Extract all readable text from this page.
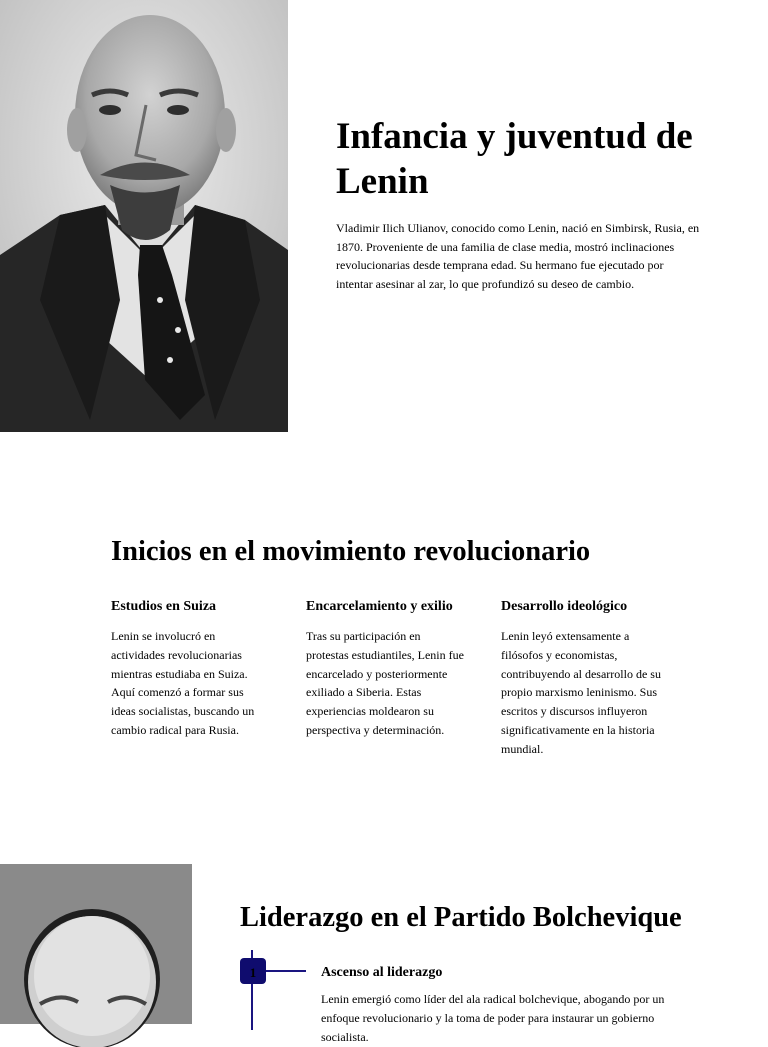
Infancia y juventud de Lenin

Vladimir Ilich Ulianov, conocido como Lenin, nació en Simbirsk, Rusia, en 1870. Proveniente de una familia de clase media, mostró inclinaciones revolucionarias desde temprana edad. Su hermano fue ejecutado por intentar asesinar al zar, lo que profundizó su deseo de cambio.

Inicios en el movimiento revolucionario
Estudios en Suiza

Lenin se involucró en actividades revolucionarias mientras estudiaba en Suiza. Aquí comenzó a formar sus ideas socialistas, buscando un cambio radical para Rusia.

Encarcelamiento y exilio

Tras su participación en protestas estudiantiles, Lenin fue encarcelado y posteriormente exiliado a Siberia. Estas experiencias moldearon su perspectiva y determinación.

Desarrollo ideológico

Lenin leyó extensamente a filósofos y economistas, contribuyendo al desarrollo de su propio marxismo leninismo. Sus escritos y discursos influyeron significativamente en la historia mundial.

Liderazgo en el Partido Bolchevique
1	Ascenso al liderazgo

Lenin emergió como líder del ala radical bolchevique, abogando por un enfoque revolucionario y la toma de poder para instaurar un gobierno socialista.
